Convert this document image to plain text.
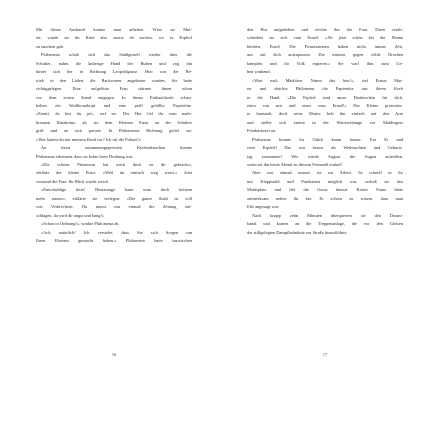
Mit dieser Auskunft konnte man arbeiten. Wäre sie Mut-
ter, würde sie ihr Kind also zuerst da suchen, wo es Kipferl
zu naschen gab.
Philomena schob sich das Stahlgestell wieder über die
Schulter, nahm die lädierige Hand des Buben und zog ihn
hinter sich her in Richtung Leopoldgasse. Hier war der Be-
trieb in den Läden, die Backwaren angeboten wurden. Sie hatte
richtiggelegen. Eine aufgelöste Frau stürmte ihnen schon
vor dem ersten Stand entgegen. In ihrem Einkaufskorb schau-
kelten ein Weißkrautkopf und eine prall gefüllte Papiertüte.
»Ernstl, da bist du ja!«, rief sie. Der Hut fiel ihr vom male-
braunen Haarkranz, als sie dem Kleinen Ernst an der Schulter
griff und an sich presste. In Philomenas Richtung gefiel sie:
»Was hattest du mit meinem Kind vor? Ich ruf die Polizei!«
An ihren zusammengepressten Kiefernknochen konnte
Philomena erkennen, dass sie keine leere Drohung war.
»Die schöne Prinzessin hat mich doch zu dir gebracht«,
erklärte der kleine Ernst. »Weil du einfach weg warst.« Jetzt
verstand die Frau. Ihr Blick wurde weich.
»Entschuldige bitte! Heutzutage kann man doch keinem
mehr trauen«, erklärte sie verlegen. »Die ganze Stadt ist voll
von Verbrechern. Du musst nur einmal die Zeitung auf-
schlagen, da wird dir angst und bang!«
»Schon in Ordnung!«, winkte Philomena ab.
»Ach natürlich! Ich verstehe, dass Sie sich Sorgen um
Ihren Kleinen gemacht haben.« Philomena hatte inzwischen
16
den Hut aufgehoben und reichte ihn der Frau. Dann verab-
schiedete sie sich vom Ernstl. »Ab jetzt schön bei der Mama
bleiben, Ernst! Die Prinzessinnen haben nicht immer Zeit,
um auf dich aufzupassen. Die müssen gegen wilde Drachen
kämpfen und ihr Volk regieren.« Sie warf ihm zum Ge-
hen winkend.
»Wart mal, Mädchen. Nimm das hier!«, rief Ernsts Mut-
ter und drückte Philomena die Papiertüte aus ihrem Korb
in die Hand. »Die Kipferl sind unser Dankeschön für dich,
eines von mir und eines vom Ernstl!« Der Kleine protestier-
te lautstark, doch seine Mutter hob ihn einfach auf den Arm
und stellte sich erneut in der Warteschlange vor Maidingers
Feinbäckerei an.
Philomena konnte ihr Glück kaum fassen. Ein Ei und
zwei Kipferl! Das war besser als Weihnachten und Geburts-
tag zusammen! Wie würde August die Augen aufreißen,
wenn sie ihn heute Abend zu diesem Festmahl einlud!
Aber erst einmal musste sie zur Arbeit. So schnell es ihr
mit Klappstuhl und Putzkasten möglich war, verließ sie den
Marktplatz und lief die Gasse hinauf. Kaiser Franz hätte
aufmerksam neben ihr her. Er schien zu wissen, dass man
Eile angesagt war.
Nach knapp zehn Minuten überquerten sie den Donau-
kanal und kamen an die Treppenanlage, die vor den Gleisen
der stillgelegten Dampfbahnlinie zur Straße hinaufführte.
17
